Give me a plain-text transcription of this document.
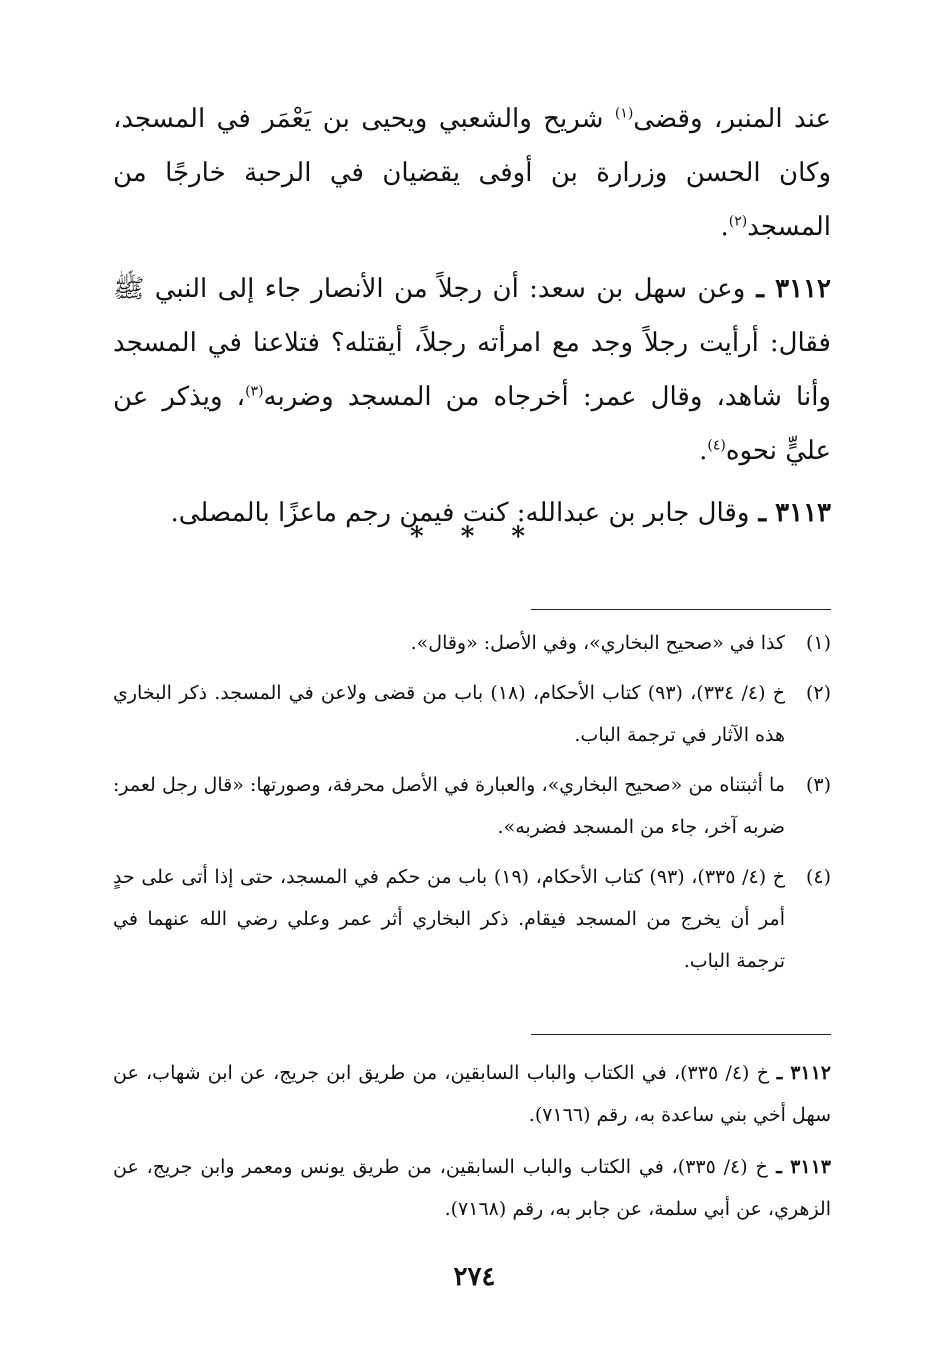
عند المنبر، وقضى$^{(١)}$ شريح والشعبي ويحيى بن يَعْمَر في المسجد، وكان الحسن وزرارة بن أوفى يقضيان في الرحبة خارجًا من المسجد$^{(٢)}$.

٣١١٢ ـ وعن سهل بن سعد: أن رجلاً من الأنصار جاء إلى النبي ﷺ فقال: أرأيت رجلاً وجد مع امرأته رجلاً، أيقتله؟ فتلاعنا في المسجد وأنا شاهد، وقال عمر: أخرجاه من المسجد وضربه$^{(٣)}$، ويذكر عن عليٍّ نحوه$^{(٤)}$.

٣١١٣ ـ وقال جابر بن عبدالله: كنت فيمن رجم ماعزًا بالمصلى.

* * *
(١)
كذا في «صحيح البخاري»، وفي الأصل: «وقال».
(٢)
خ (٤/ ٣٣٤)، (٩٣) كتاب الأحكام، (١٨) باب من قضى ولاعن في المسجد. ذكر البخاري هذه الآثار في ترجمة الباب.
(٣)
ما أثبتناه من «صحيح البخاري»، والعبارة في الأصل محرفة، وصورتها: «قال رجل لعمر: ضربه آخر، جاء من المسجد فضربه».
(٤)
خ (٤/ ٣٣٥)، (٩٣) كتاب الأحكام، (١٩) باب من حكم في المسجد، حتى إذا أتى على حدٍ أمر أن يخرج من المسجد فيقام. ذكر البخاري أثر عمر وعلي رضي الله عنهما في ترجمة الباب.

٣١١٢ ـ خ (٤/ ٣٣٥)، في الكتاب والباب السابقين، من طريق ابن جريج، عن ابن شهاب، عن سهل أخي بني ساعدة به، رقم (٧١٦٦).

٣١١٣ ـ خ (٤/ ٣٣٥)، في الكتاب والباب السابقين، من طريق يونس ومعمر وابن جريج، عن الزهري، عن أبي سلمة، عن جابر به، رقم (٧١٦٨).

٢٧٤
